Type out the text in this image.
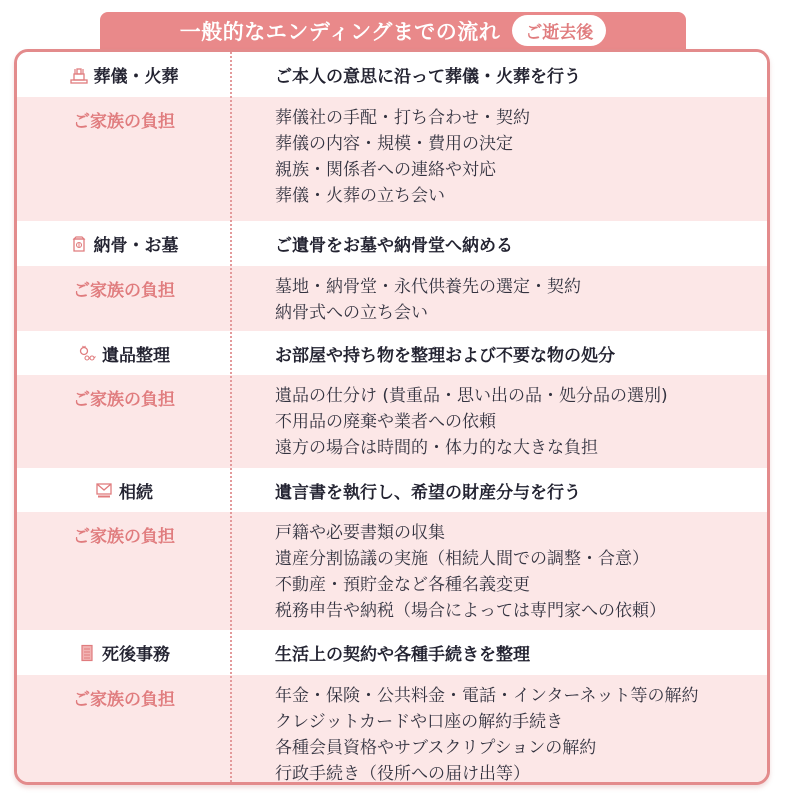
一般的なエンディングまでの流れ	ご逝去後
葬儀・火葬	ご本人の意思に沿って葬儀・火葬を行う
ご家族の負担	葬儀社の手配・打ち合わせ・契約
葬儀の内容・規模・費用の決定
親族・関係者への連絡や対応
葬儀・火葬の立ち会い
納骨・お墓	ご遺骨をお墓や納骨堂へ納める
ご家族の負担	墓地・納骨堂・永代供養先の選定・契約
納骨式への立ち会い
遺品整理	お部屋や持ち物を整理および不要な物の処分
ご家族の負担	遺品の仕分け (貴重品・思い出の品・処分品の選別)
不用品の廃棄や業者への依頼
遠方の場合は時間的・体力的な大きな負担
相続	遺言書を執行し、希望の財産分与を行う
ご家族の負担	戸籍や必要書類の収集
遺産分割協議の実施（相続人間での調整・合意）
不動産・預貯金など各種名義変更
税務申告や納税（場合によっては専門家への依頼）
死後事務	生活上の契約や各種手続きを整理
ご家族の負担	年金・保険・公共料金・電話・インターネット等の解約
クレジットカードや口座の解約手続き
各種会員資格やサブスクリプションの解約
行政手続き（役所への届け出等）
